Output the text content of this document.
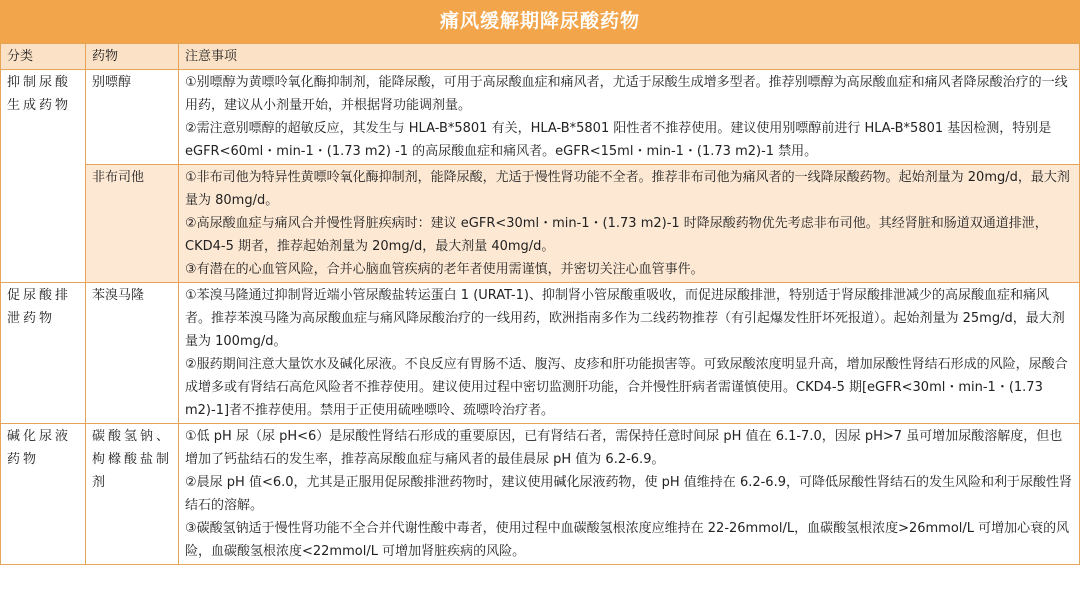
痛风缓解期降尿酸药物
分类	药物	注意事项
抑制尿酸生成药物	别嘌醇	①别嘌醇为黄嘌呤氧化酶抑制剂，能降尿酸，可用于高尿酸血症和痛风者，尤适于尿酸生成增多型者。推荐别嘌醇为高尿酸血症和痛风者降尿酸治疗的一线用药，建议从小剂量开始，并根据肾功能调剂量。

②需注意别嘌醇的超敏反应，其发生与 HLA-B*5801 有关，HLA-B*5801 阳性者不推荐使用。建议使用别嘌醇前进行 HLA-B*5801 基因检测，特别是 eGFR<60ml・min-1・(1.73 m2) -1 的高尿酸血症和痛风者。eGFR<15ml・min-1・(1.73 m2)-1 禁用。

	非布司他	①非布司他为特异性黄嘌呤氧化酶抑制剂，能降尿酸，尤适于慢性肾功能不全者。推荐非布司他为痛风者的一线降尿酸药物。起始剂量为 20mg/d，最大剂量为 80mg/d。

②高尿酸血症与痛风合并慢性肾脏疾病时：建议 eGFR<30ml・min-1・(1.73 m2)-1 时降尿酸药物优先考虑非布司他。其经肾脏和肠道双通道排泄，CKD4-5 期者，推荐起始剂量为 20mg/d，最大剂量 40mg/d。

③有潜在的心血管风险，合并心脑血管疾病的老年者使用需谨慎，并密切关注心血管事件。

促尿酸排泄药物	苯溴马隆	①苯溴马隆通过抑制肾近端小管尿酸盐转运蛋白 1 (URAT-1)、抑制肾小管尿酸重吸收，而促进尿酸排泄，特别适于肾尿酸排泄减少的高尿酸血症和痛风者。推荐苯溴马隆为高尿酸血症与痛风降尿酸治疗的一线用药，欧洲指南多作为二线药物推荐（有引起爆发性肝坏死报道）。起始剂量为 25mg/d，最大剂量为 100mg/d。

②服药期间注意大量饮水及碱化尿液。不良反应有胃肠不适、腹泻、皮疹和肝功能损害等。可致尿酸浓度明显升高，增加尿酸性肾结石形成的风险，尿酸合成增多或有肾结石高危风险者不推荐使用。建议使用过程中密切监测肝功能，合并慢性肝病者需谨慎使用。CKD4-5 期[eGFR<30ml・min-1・(1.73 m2)-1]者不推荐使用。禁用于正使用硫唑嘌呤、巯嘌呤治疗者。

碱化尿液药物	碳酸氢钠、枸橼酸盐制剂	①低 pH 尿（尿 pH<6）是尿酸性肾结石形成的重要原因，已有肾结石者，需保持任意时间尿 pH 值在 6.1-7.0，因尿 pH>7 虽可增加尿酸溶解度，但也增加了钙盐结石的发生率，推荐高尿酸血症与痛风者的最佳晨尿 pH 值为 6.2-6.9。

②晨尿 pH 值<6.0，尤其是正服用促尿酸排泄药物时，建议使用碱化尿液药物，使 pH 值维持在 6.2-6.9，可降低尿酸性肾结石的发生风险和利于尿酸性肾结石的溶解。

③碳酸氢钠适于慢性肾功能不全合并代谢性酸中毒者，使用过程中血碳酸氢根浓度应维持在 22-26mmol/L，血碳酸氢根浓度>26mmol/L 可增加心衰的风险，血碳酸氢根浓度<22mmol/L 可增加肾脏疾病的风险。
